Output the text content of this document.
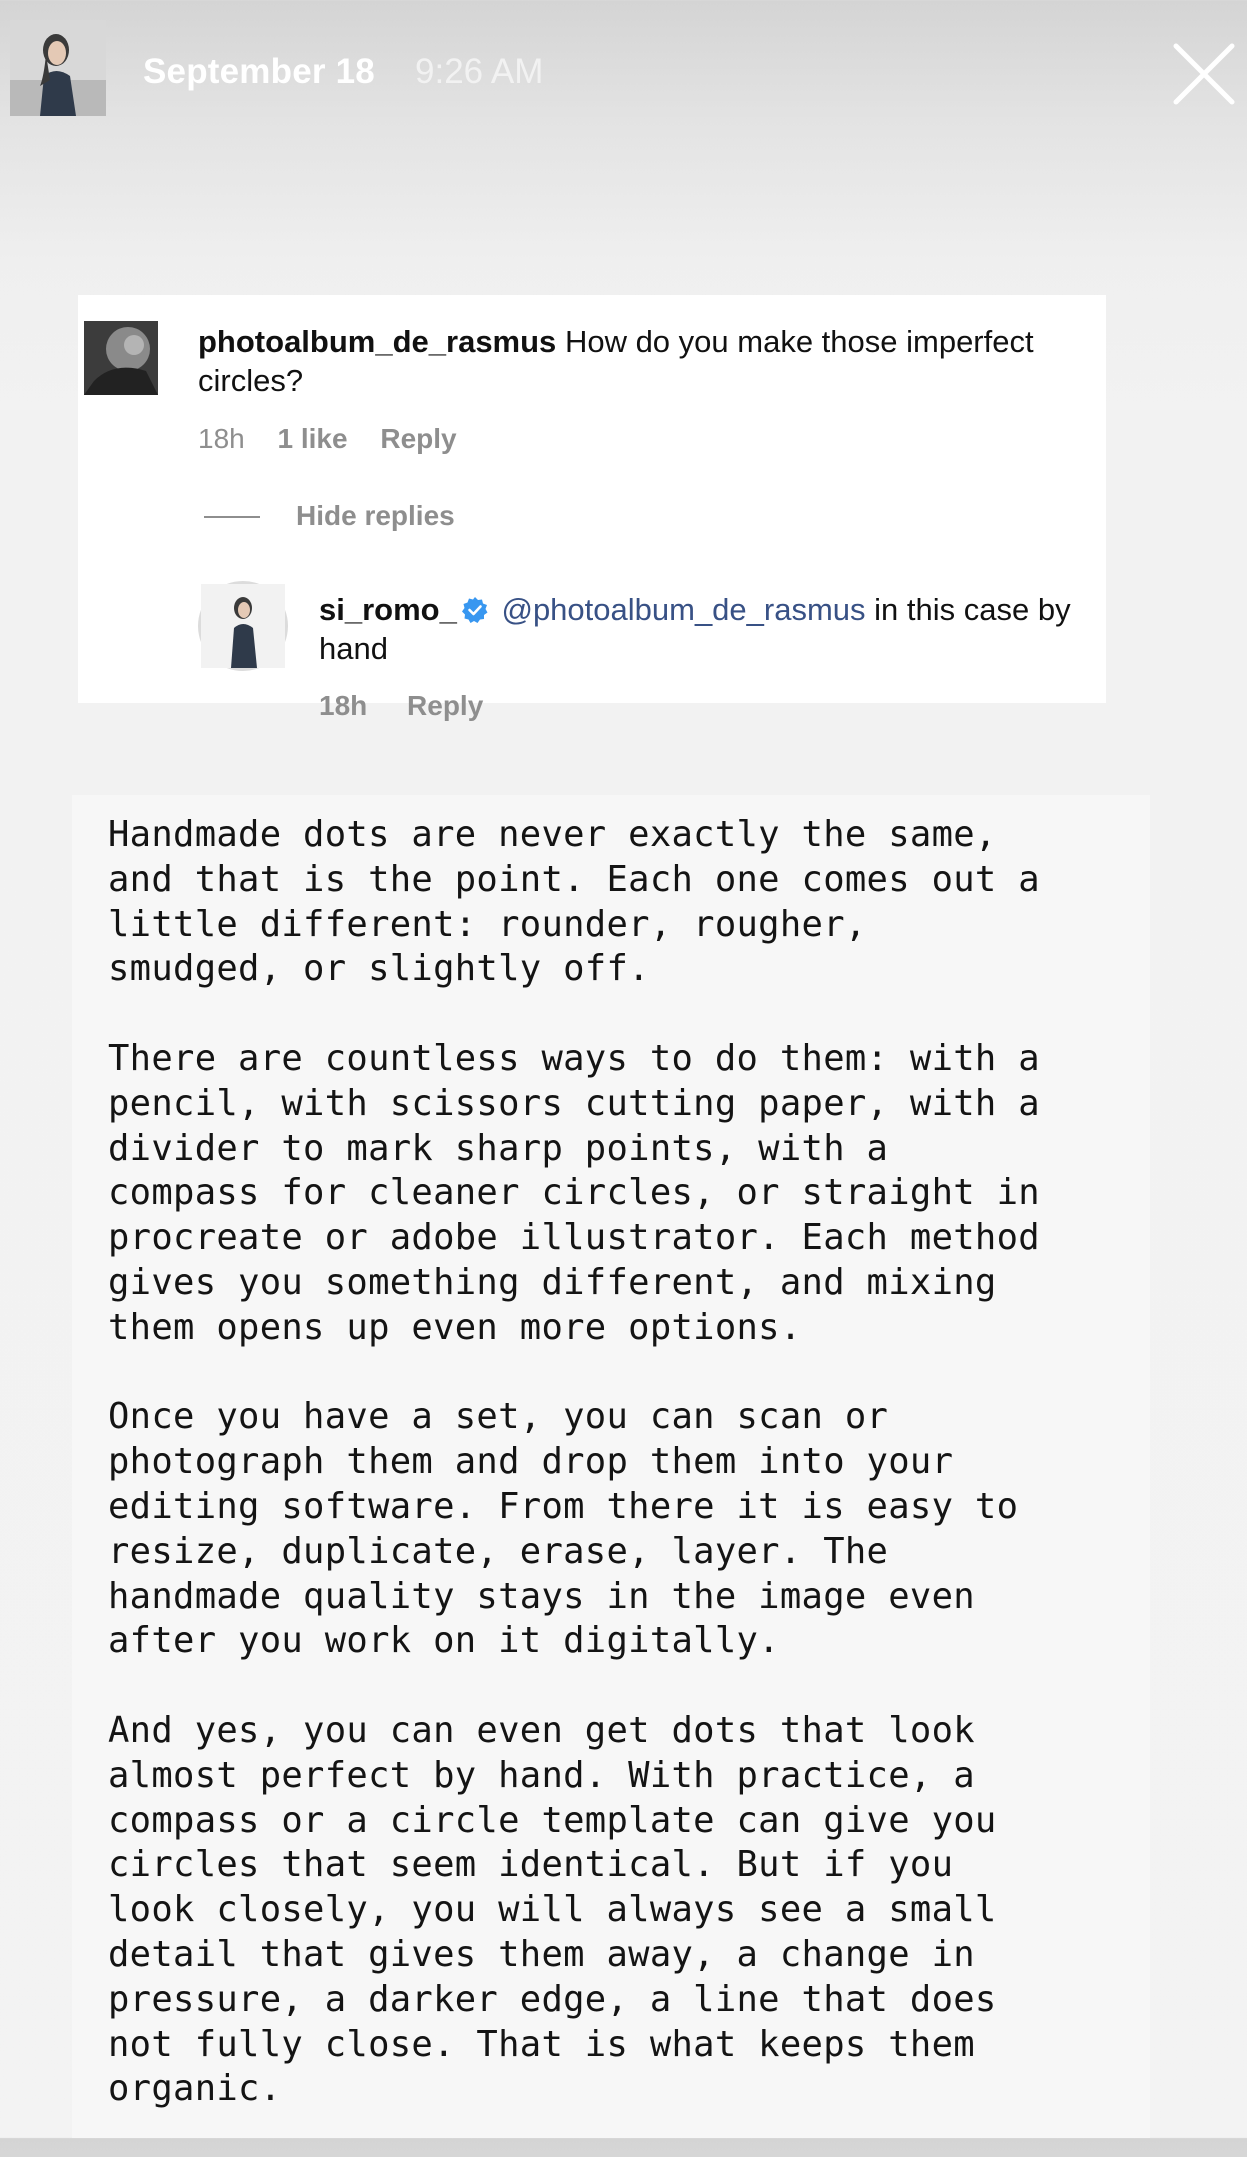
September 18 9:26 AM
photoalbum_de_rasmus How do you make those imperfect circles?
18h 1 like Reply
Hide replies
si_romo_ @photoalbum_de_rasmus in this case by hand
18h Reply

Handmade dots are never exactly the same,
and that is the point. Each one comes out a
little different: rounder, rougher,
smudged, or slightly off.

There are countless ways to do them: with a
pencil, with scissors cutting paper, with a
divider to mark sharp points, with a
compass for cleaner circles, or straight in
procreate or adobe illustrator. Each method
gives you something different, and mixing
them opens up even more options.

Once you have a set, you can scan or
photograph them and drop them into your
editing software. From there it is easy to
resize, duplicate, erase, layer. The
handmade quality stays in the image even
after you work on it digitally.

And yes, you can even get dots that look
almost perfect by hand. With practice, a
compass or a circle template can give you
circles that seem identical. But if you
look closely, you will always see a small
detail that gives them away, a change in
pressure, a darker edge, a line that does
not fully close. That is what keeps them
organic.
